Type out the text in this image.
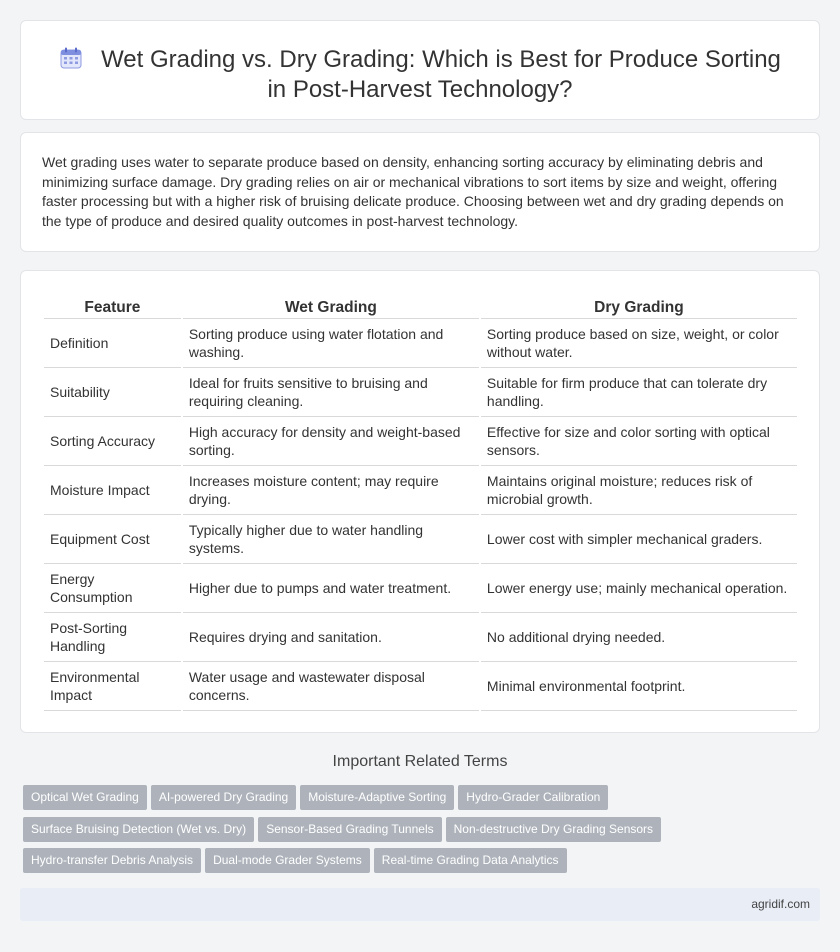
Wet Grading vs. Dry Grading: Which is Best for Produce Sorting in Post-Harvest Technology?

Wet grading uses water to separate produce based on density, enhancing sorting accuracy by eliminating debris and minimizing surface damage. Dry grading relies on air or mechanical vibrations to sort items by size and weight, offering faster processing but with a higher risk of bruising delicate produce. Choosing between wet and dry grading depends on the type of produce and desired quality outcomes in post-harvest technology.

Feature	Wet Grading	Dry Grading
Definition	Sorting produce using water flotation and washing.	Sorting produce based on size, weight, or color without water.
Suitability	Ideal for fruits sensitive to bruising and requiring cleaning.	Suitable for firm produce that can tolerate dry handling.
Sorting Accuracy	High accuracy for density and weight-based sorting.	Effective for size and color sorting with optical sensors.
Moisture Impact	Increases moisture content; may require drying.	Maintains original moisture; reduces risk of microbial growth.
Equipment Cost	Typically higher due to water handling systems.	Lower cost with simpler mechanical graders.
Energy Consumption	Higher due to pumps and water treatment.	Lower energy use; mainly mechanical operation.
Post-Sorting Handling	Requires drying and sanitation.	No additional drying needed.
Environmental Impact	Water usage and wastewater disposal concerns.	Minimal environmental footprint.
Important Related Terms
Optical Wet Grading AI-powered Dry Grading Moisture-Adaptive Sorting Hydro-Grader Calibration
Surface Bruising Detection (Wet vs. Dry) Sensor-Based Grading Tunnels Non-destructive Dry Grading Sensors
Hydro-transfer Debris Analysis Dual-mode Grader Systems Real-time Grading Data Analytics
agridif.com
